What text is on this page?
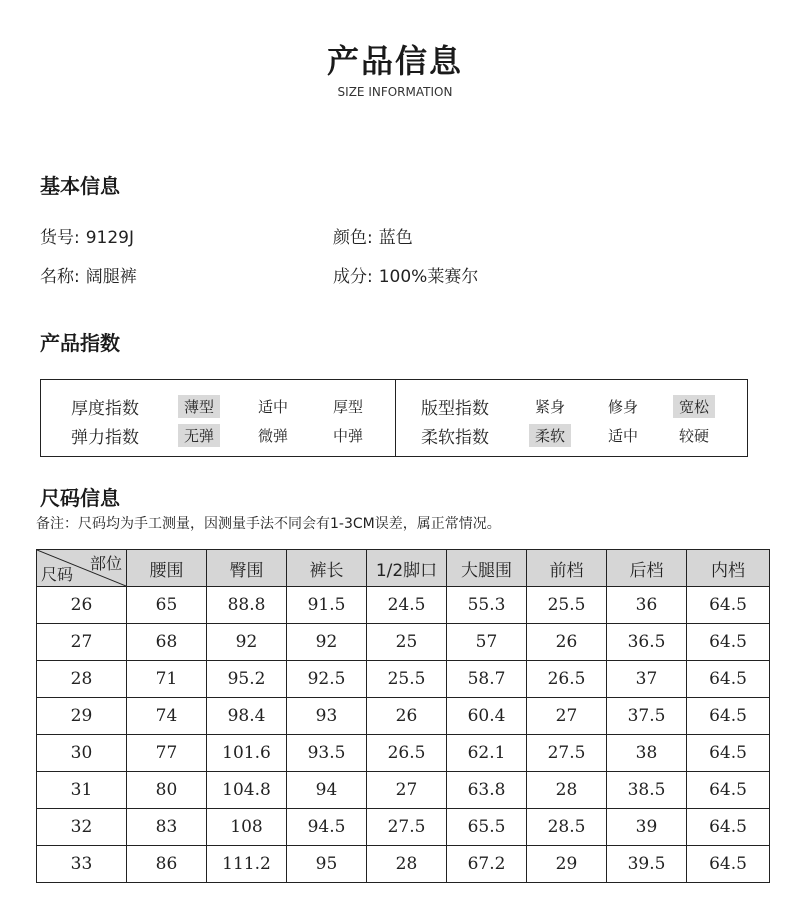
产品信息
SIZE INFORMATION
基本信息
货号: 9129J	颜色: 蓝色
名称: 阔腿裤	成分: 100%莱赛尔
产品指数
厚度指数	薄型	适中	厚型
弹力指数	无弹	微弹	中弹
版型指数	紧身	修身	宽松
柔软指数	柔软	适中	较硬
尺码信息
备注：尺码均为手工测量，因测量手法不同会有1-3CM误差，属正常情况。
部位
尺码	腰围	臀围	裤长	1/2脚口	大腿围	前档	后档	内档
26	65	88.8	91.5	24.5	55.3	25.5	36	64.5
27	68	92	92	25	57	26	36.5	64.5
28	71	95.2	92.5	25.5	58.7	26.5	37	64.5
29	74	98.4	93	26	60.4	27	37.5	64.5
30	77	101.6	93.5	26.5	62.1	27.5	38	64.5
31	80	104.8	94	27	63.8	28	38.5	64.5
32	83	108	94.5	27.5	65.5	28.5	39	64.5
33	86	111.2	95	28	67.2	29	39.5	64.5
